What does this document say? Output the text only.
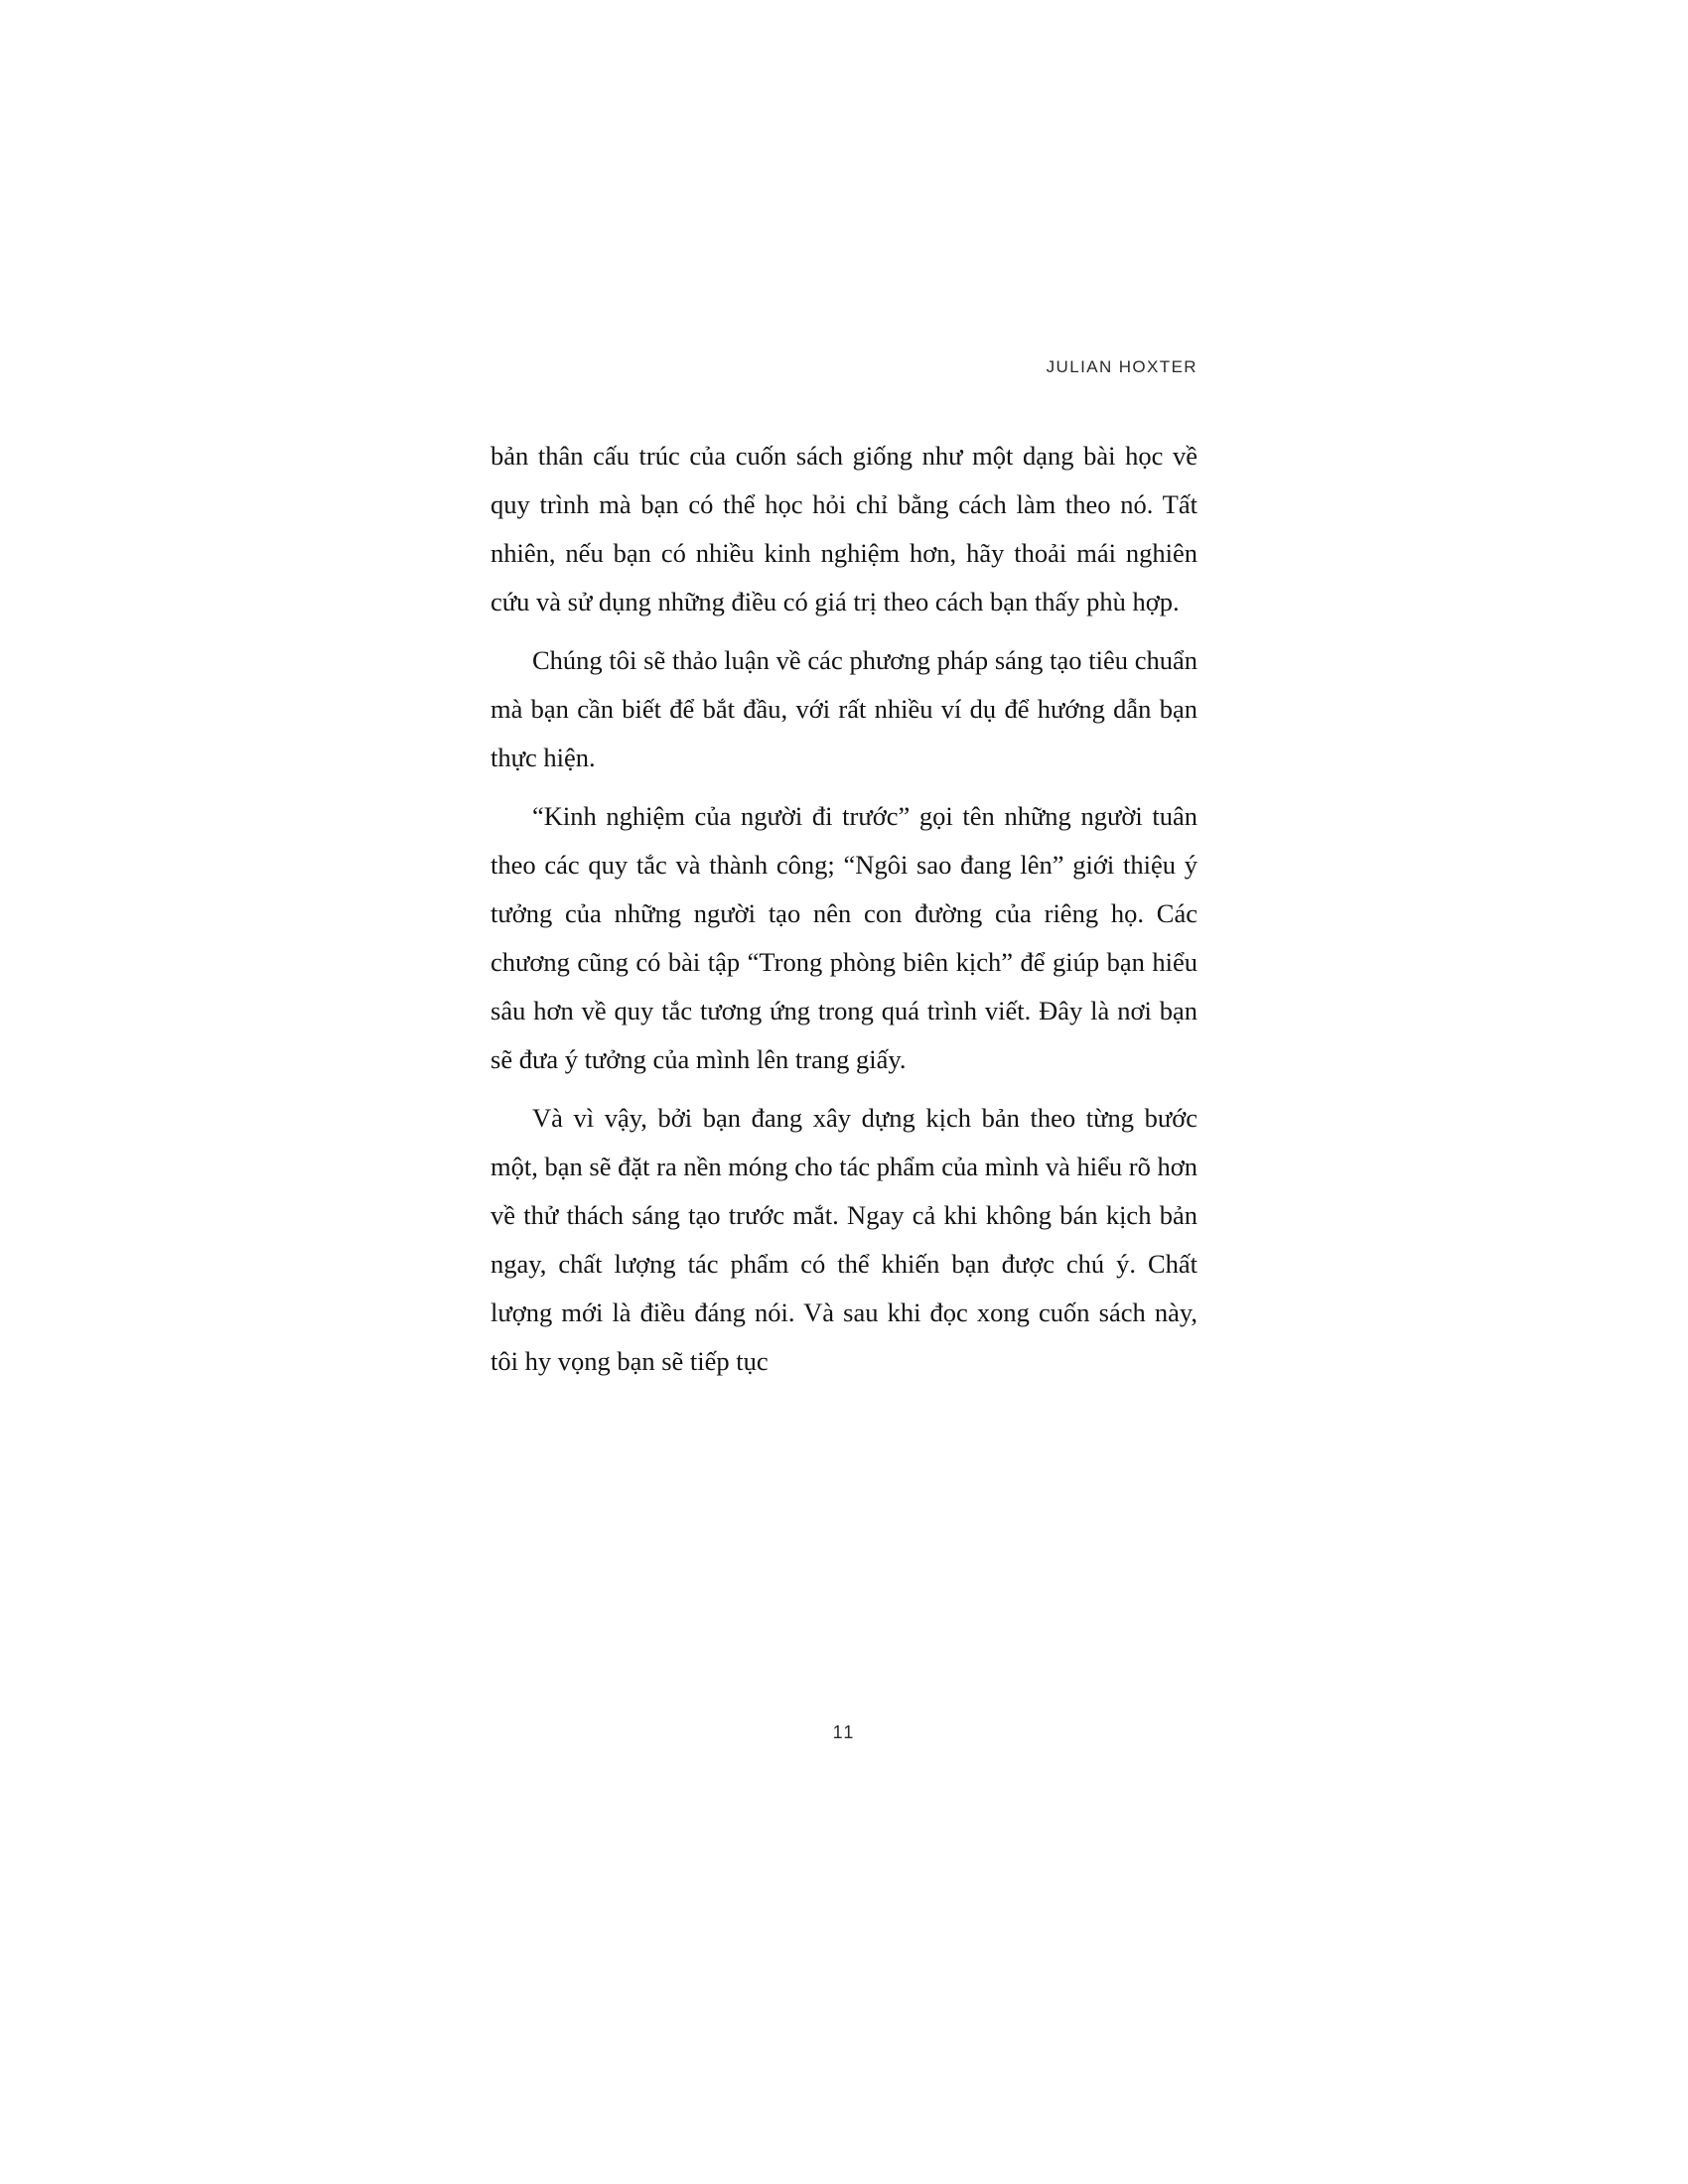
JULIAN HOXTER

bản thân cấu trúc của cuốn sách giống như một dạng bài học về quy trình mà bạn có thể học hỏi chỉ bằng cách làm theo nó. Tất nhiên, nếu bạn có nhiều kinh nghiệm hơn, hãy thoải mái nghiên cứu và sử dụng những điều có giá trị theo cách bạn thấy phù hợp.

Chúng tôi sẽ thảo luận về các phương pháp sáng tạo tiêu chuẩn mà bạn cần biết để bắt đầu, với rất nhiều ví dụ để hướng dẫn bạn thực hiện.

“Kinh nghiệm của người đi trước” gọi tên những người tuân theo các quy tắc và thành công; “Ngôi sao đang lên” giới thiệu ý tưởng của những người tạo nên con đường của riêng họ. Các chương cũng có bài tập “Trong phòng biên kịch” để giúp bạn hiểu sâu hơn về quy tắc tương ứng trong quá trình viết. Đây là nơi bạn sẽ đưa ý tưởng của mình lên trang giấy.

Và vì vậy, bởi bạn đang xây dựng kịch bản theo từng bước một, bạn sẽ đặt ra nền móng cho tác phẩm của mình và hiểu rõ hơn về thử thách sáng tạo trước mắt. Ngay cả khi không bán kịch bản ngay, chất lượng tác phẩm có thể khiến bạn được chú ý. Chất lượng mới là điều đáng nói. Và sau khi đọc xong cuốn sách này, tôi hy vọng bạn sẽ tiếp tục

11
